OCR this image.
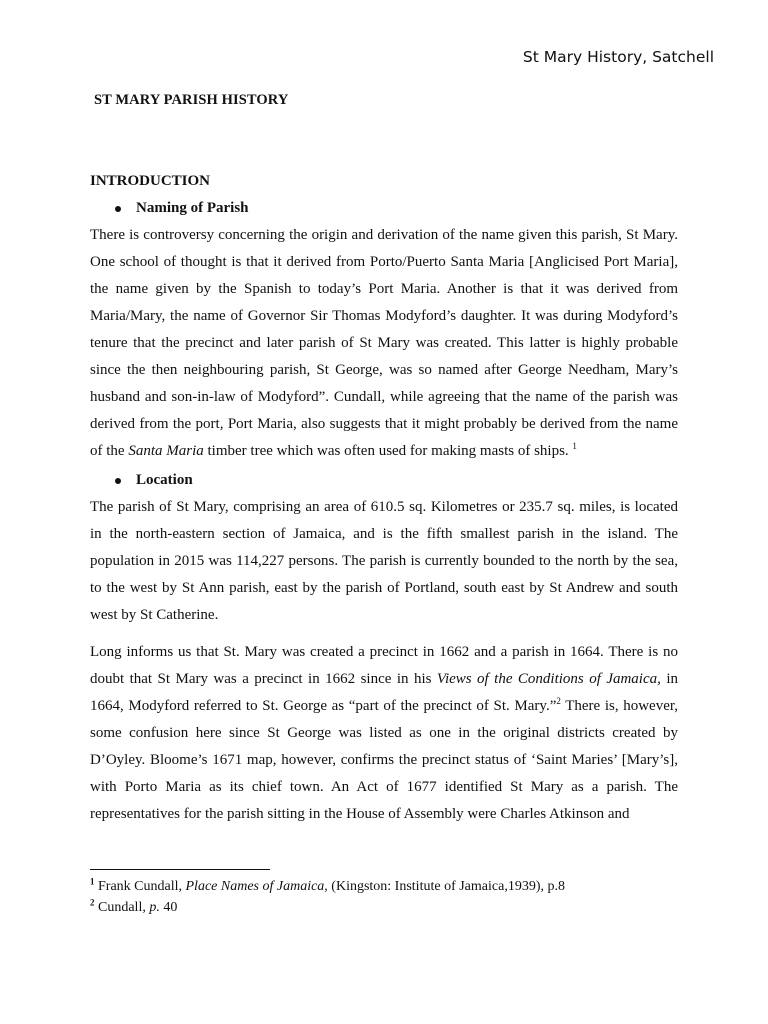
St Mary History, Satchell
ST MARY PARISH HISTORY
INTRODUCTION
Naming of Parish

There is controversy concerning the origin and derivation of the name given this parish, St Mary. One school of thought is that it derived from Porto/Puerto Santa Maria [Anglicised Port Maria], the name given by the Spanish to today’s Port Maria. Another is that it was derived from Maria/Mary, the name of Governor Sir Thomas Modyford’s daughter. It was during Modyford’s tenure that the precinct and later parish of St Mary was created. This latter is highly probable since the then neighbouring parish, St George, was so named after George Needham, Mary’s husband and son-in-law of Modyford”. Cundall, while agreeing that the name of the parish was derived from the port, Port Maria, also suggests that it might probably be derived from the name of the Santa Maria timber tree which was often used for making masts of ships. $^1$

Location

The parish of St Mary, comprising an area of 610.5 sq. Kilometres or 235.7 sq. miles, is located in the north-eastern section of Jamaica, and is the fifth smallest parish in the island. The population in 2015 was 114,227 persons. The parish is currently bounded to the north by the sea, to the west by St Ann parish, east by the parish of Portland, south east by St Andrew and south west by St Catherine.

Long informs us that St. Mary was created a precinct in 1662 and a parish in 1664. There is no doubt that St Mary was a precinct in 1662 since in his Views of the Conditions of Jamaica, in 1664, Modyford referred to St. George as “part of the precinct of St. Mary.”$^2$ There is, however, some confusion here since St George was listed as one in the original districts created by D’Oyley. Bloome’s 1671 map, however, confirms the precinct status of ‘Saint Maries’ [Mary’s], with Porto Maria as its chief town. An Act of 1677 identified St Mary as a parish. The representatives for the parish sitting in the House of Assembly were Charles Atkinson and

$^1$ Frank Cundall, Place Names of Jamaica, (Kingston: Institute of Jamaica,1939), p.8
$^2$ Cundall, p. 40
